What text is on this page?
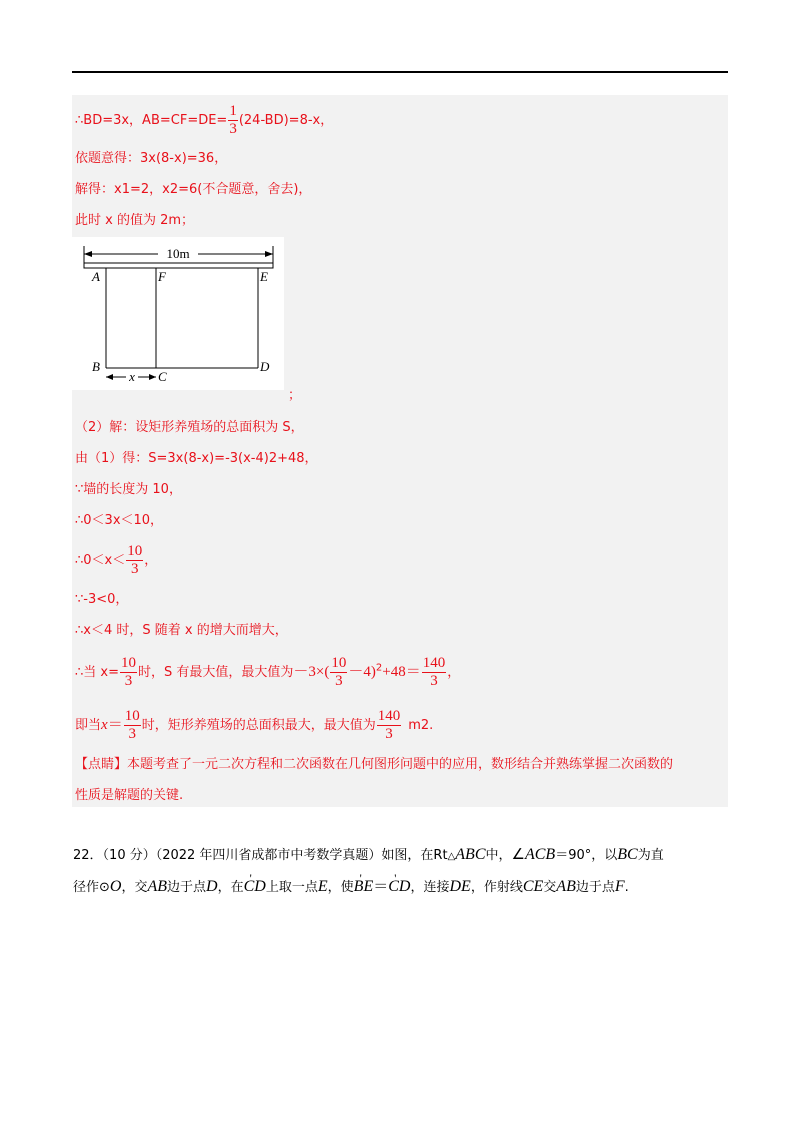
∴BD=3x，$AB=CF=DE= \frac{1}{3} (24-BD)=8-x$，
依题意得：3x(8-x)=36，
解得：x1=2，x2=6(不合题意，舍去)，
此时 x 的值为 2m；
10m
x
A	F	E
B
C
D
；
（2）解：设矩形养殖场的总面积为 S，
由（1）得：S=3x(8-x)=-3(x-4)2+48，
∵墙的长度为 10，
∴0＜3x＜10，
∴0＜x＜ $\frac{10}{3}$ ，
∵-3<0，
∴x＜4 时，S 随着 x 的增大而增大，
∴当 $x= \frac{10}{3}$ 时，S 有最大值，最大值为$-3\times( \frac{10}{3} -4)^2+48= \frac{140}{3}$ ，
即当$x= \frac{10}{3}$ 时，矩形养殖场的总面积最大，最大值为 $\frac{140}{3} m2$.
【点睛】本题考查了一元二次方程和二次函数在几何图形问题中的应用，数形结合并熟练掌握二次函数的
性质是解题的关键.
22．（10 分）（2022 年四川省成都市中考数学真题）如图，在Rt△ABC中，∠ACB＝90°，以BC为直
径作⊙O，交AB边于点D，在' CD上取一点E，使' BE＝' CD，连接DE，作射线CE交AB边于点F.
